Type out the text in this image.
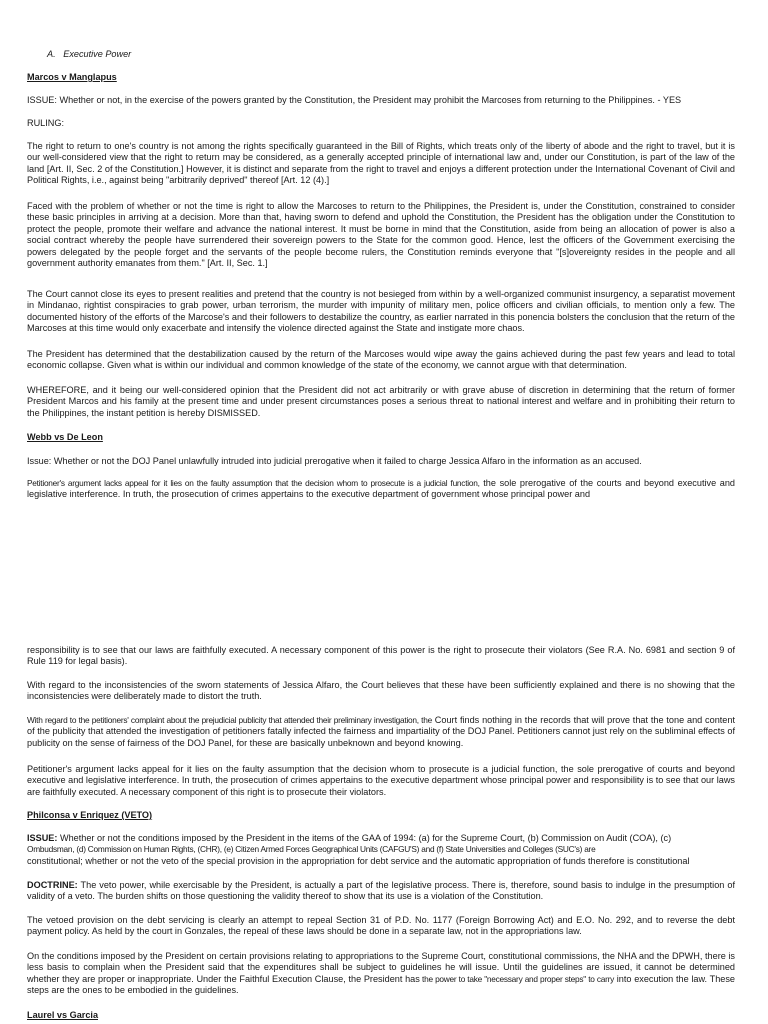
A. Executive Power

Marcos v Manglapus

ISSUE: Whether or not, in the exercise of the powers granted by the Constitution, the President may prohibit the Marcoses from returning to the Philippines. - YES

RULING:

The right to return to one's country is not among the rights specifically guaranteed in the Bill of Rights, which treats only of the liberty of abode and the right to travel, but it is our well-considered view that the right to return may be considered, as a generally accepted principle of international law and, under our Constitution, is part of the law of the land [Art. II, Sec. 2 of the Constitution.] However, it is distinct and separate from the right to travel and enjoys a different protection under the International Covenant of Civil and Political Rights, i.e., against being "arbitrarily deprived" thereof [Art. 12 (4).]

Faced with the problem of whether or not the time is right to allow the Marcoses to return to the Philippines, the President is, under the Constitution, constrained to consider these basic principles in arriving at a decision. More than that, having sworn to defend and uphold the Constitution, the President has the obligation under the Constitution to protect the people, promote their welfare and advance the national interest. It must be borne in mind that the Constitution, aside from being an allocation of power is also a social contract whereby the people have surrendered their sovereign powers to the State for the common good. Hence, lest the officers of the Government exercising the powers delegated by the people forget and the servants of the people become rulers, the Constitution reminds everyone that "[s]overeignty resides in the people and all government authority emanates from them." [Art. II, Sec. 1.]

The Court cannot close its eyes to present realities and pretend that the country is not besieged from within by a well-organized communist insurgency, a separatist movement in Mindanao, rightist conspiracies to grab power, urban terrorism, the murder with impunity of military men, police officers and civilian officials, to mention only a few. The documented history of the efforts of the Marcose's and their followers to destabilize the country, as earlier narrated in this ponencia bolsters the conclusion that the return of the Marcoses at this time would only exacerbate and intensify the violence directed against the State and instigate more chaos.

The President has determined that the destabilization caused by the return of the Marcoses would wipe away the gains achieved during the past few years and lead to total economic collapse. Given what is within our individual and common knowledge of the state of the economy, we cannot argue with that determination.

WHEREFORE, and it being our well-considered opinion that the President did not act arbitrarily or with grave abuse of discretion in determining that the return of former President Marcos and his family at the present time and under present circumstances poses a serious threat to national interest and welfare and in prohibiting their return to the Philippines, the instant petition is hereby DISMISSED.

Webb vs De Leon

Issue: Whether or not the DOJ Panel unlawfully intruded into judicial prerogative when it failed to charge Jessica Alfaro in the information as an accused.

Petitioner's argument lacks appeal for it lies on the faulty assumption that the decision whom to prosecute is a judicial function, the sole prerogative of the courts and beyond executive and legislative interference. In truth, the prosecution of crimes appertains to the executive department of government whose principal power and

responsibility is to see that our laws are faithfully executed. A necessary component of this power is the right to prosecute their violators (See R.A. No. 6981 and section 9 of Rule 119 for legal basis).

With regard to the inconsistencies of the sworn statements of Jessica Alfaro, the Court believes that these have been sufficiently explained and there is no showing that the inconsistencies were deliberately made to distort the truth.

With regard to the petitioners' complaint about the prejudicial publicity that attended their preliminary investigation, the Court finds nothing in the records that will prove that the tone and content of the publicity that attended the investigation of petitioners fatally infected the fairness and impartiality of the DOJ Panel. Petitioners cannot just rely on the subliminal effects of publicity on the sense of fairness of the DOJ Panel, for these are basically unbeknown and beyond knowing.

Petitioner's argument lacks appeal for it lies on the faulty assumption that the decision whom to prosecute is a judicial function, the sole prerogative of courts and beyond executive and legislative interference. In truth, the prosecution of crimes appertains to the executive department whose principal power and responsibility is to see that our laws are faithfully executed. A necessary component of this right is to prosecute their violators.

Philconsa v Enriquez (VETO)

ISSUE: Whether or not the conditions imposed by the President in the items of the GAA of 1994: (a) for the Supreme Court, (b) Commission on Audit (COA), (c)
Ombudsman, (d) Commission on Human Rights, (CHR), (e) Citizen Armed Forces Geographical Units (CAFGU'S) and (f) State Universities and Colleges (SUC's) are
constitutional; whether or not the veto of the special provision in the appropriation for debt service and the automatic appropriation of funds therefore is constitutional

DOCTRINE: The veto power, while exercisable by the President, is actually a part of the legislative process. There is, therefore, sound basis to indulge in the presumption of validity of a veto. The burden shifts on those questioning the validity thereof to show that its use is a violation of the Constitution.

The vetoed provision on the debt servicing is clearly an attempt to repeal Section 31 of P.D. No. 1177 (Foreign Borrowing Act) and E.O. No. 292, and to reverse the debt payment policy. As held by the court in Gonzales, the repeal of these laws should be done in a separate law, not in the appropriations law.

On the conditions imposed by the President on certain provisions relating to appropriations to the Supreme Court, constitutional commissions, the NHA and the DPWH, there is less basis to complain when the President said that the expenditures shall be subject to guidelines he will issue. Until the guidelines are issued, it cannot be determined whether they are proper or inappropriate. Under the Faithful Execution Clause, the President has the power to take "necessary and proper steps" to carry into execution the law. These steps are the ones to be embodied in the guidelines.

Laurel vs Garcia
